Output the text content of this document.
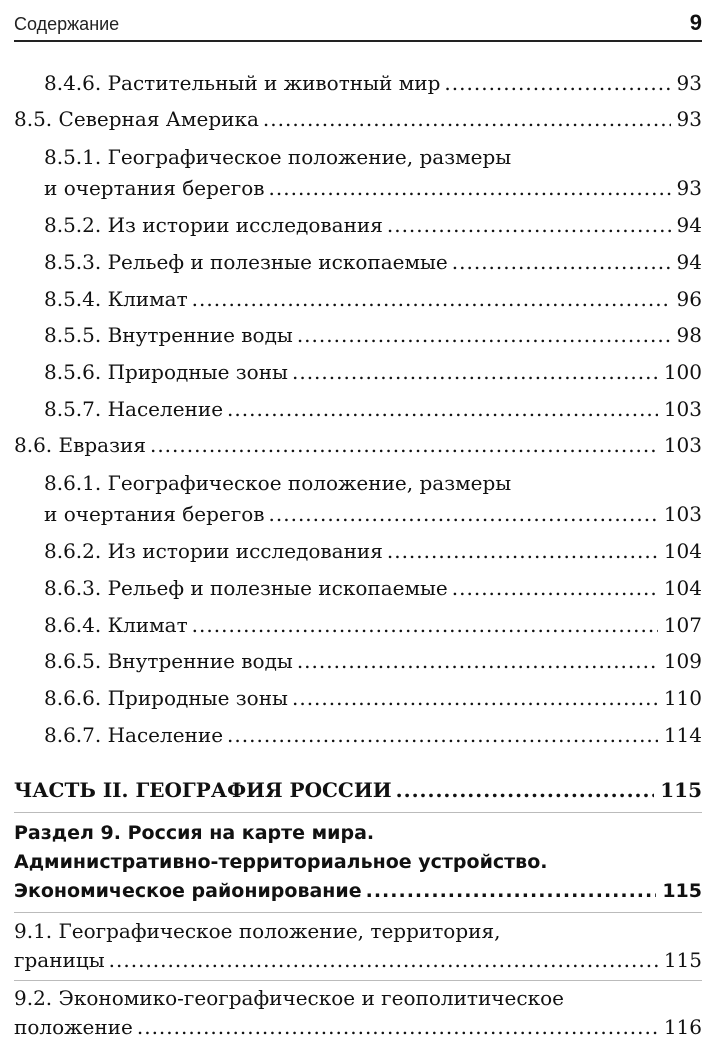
Содержание	9
8.4.6. Растительный и животный мир .....	93
8.5. Северная Америка .....	93
8.5.1. Географическое положение, размеры
и очертания берегов .....	93
8.5.2. Из истории исследования .....	94
8.5.3. Рельеф и полезные ископаемые .....	94
8.5.4. Климат .....	96
8.5.5. Внутренние воды .....	98
8.5.6. Природные зоны .....	100
8.5.7. Население .....	103
8.6. Евразия .....	103
8.6.1. Географическое положение, размеры
и очертания берегов .....	103
8.6.2. Из истории исследования .....	104
8.6.3. Рельеф и полезные ископаемые .....	104
8.6.4. Климат .....	107
8.6.5. Внутренние воды .....	109
8.6.6. Природные зоны .....	110
8.6.7. Население .....	114
ЧАСТЬ II. ГЕОГРАФИЯ РОССИИ .....	115
Раздел 9. Россия на карте мира.
Административно-территориальное устройство.
Экономическое районирование .....	115
9.1. Географическое положение, территория,
границы .....	115
9.2. Экономико-географическое и геополитическое
положение .....	116
